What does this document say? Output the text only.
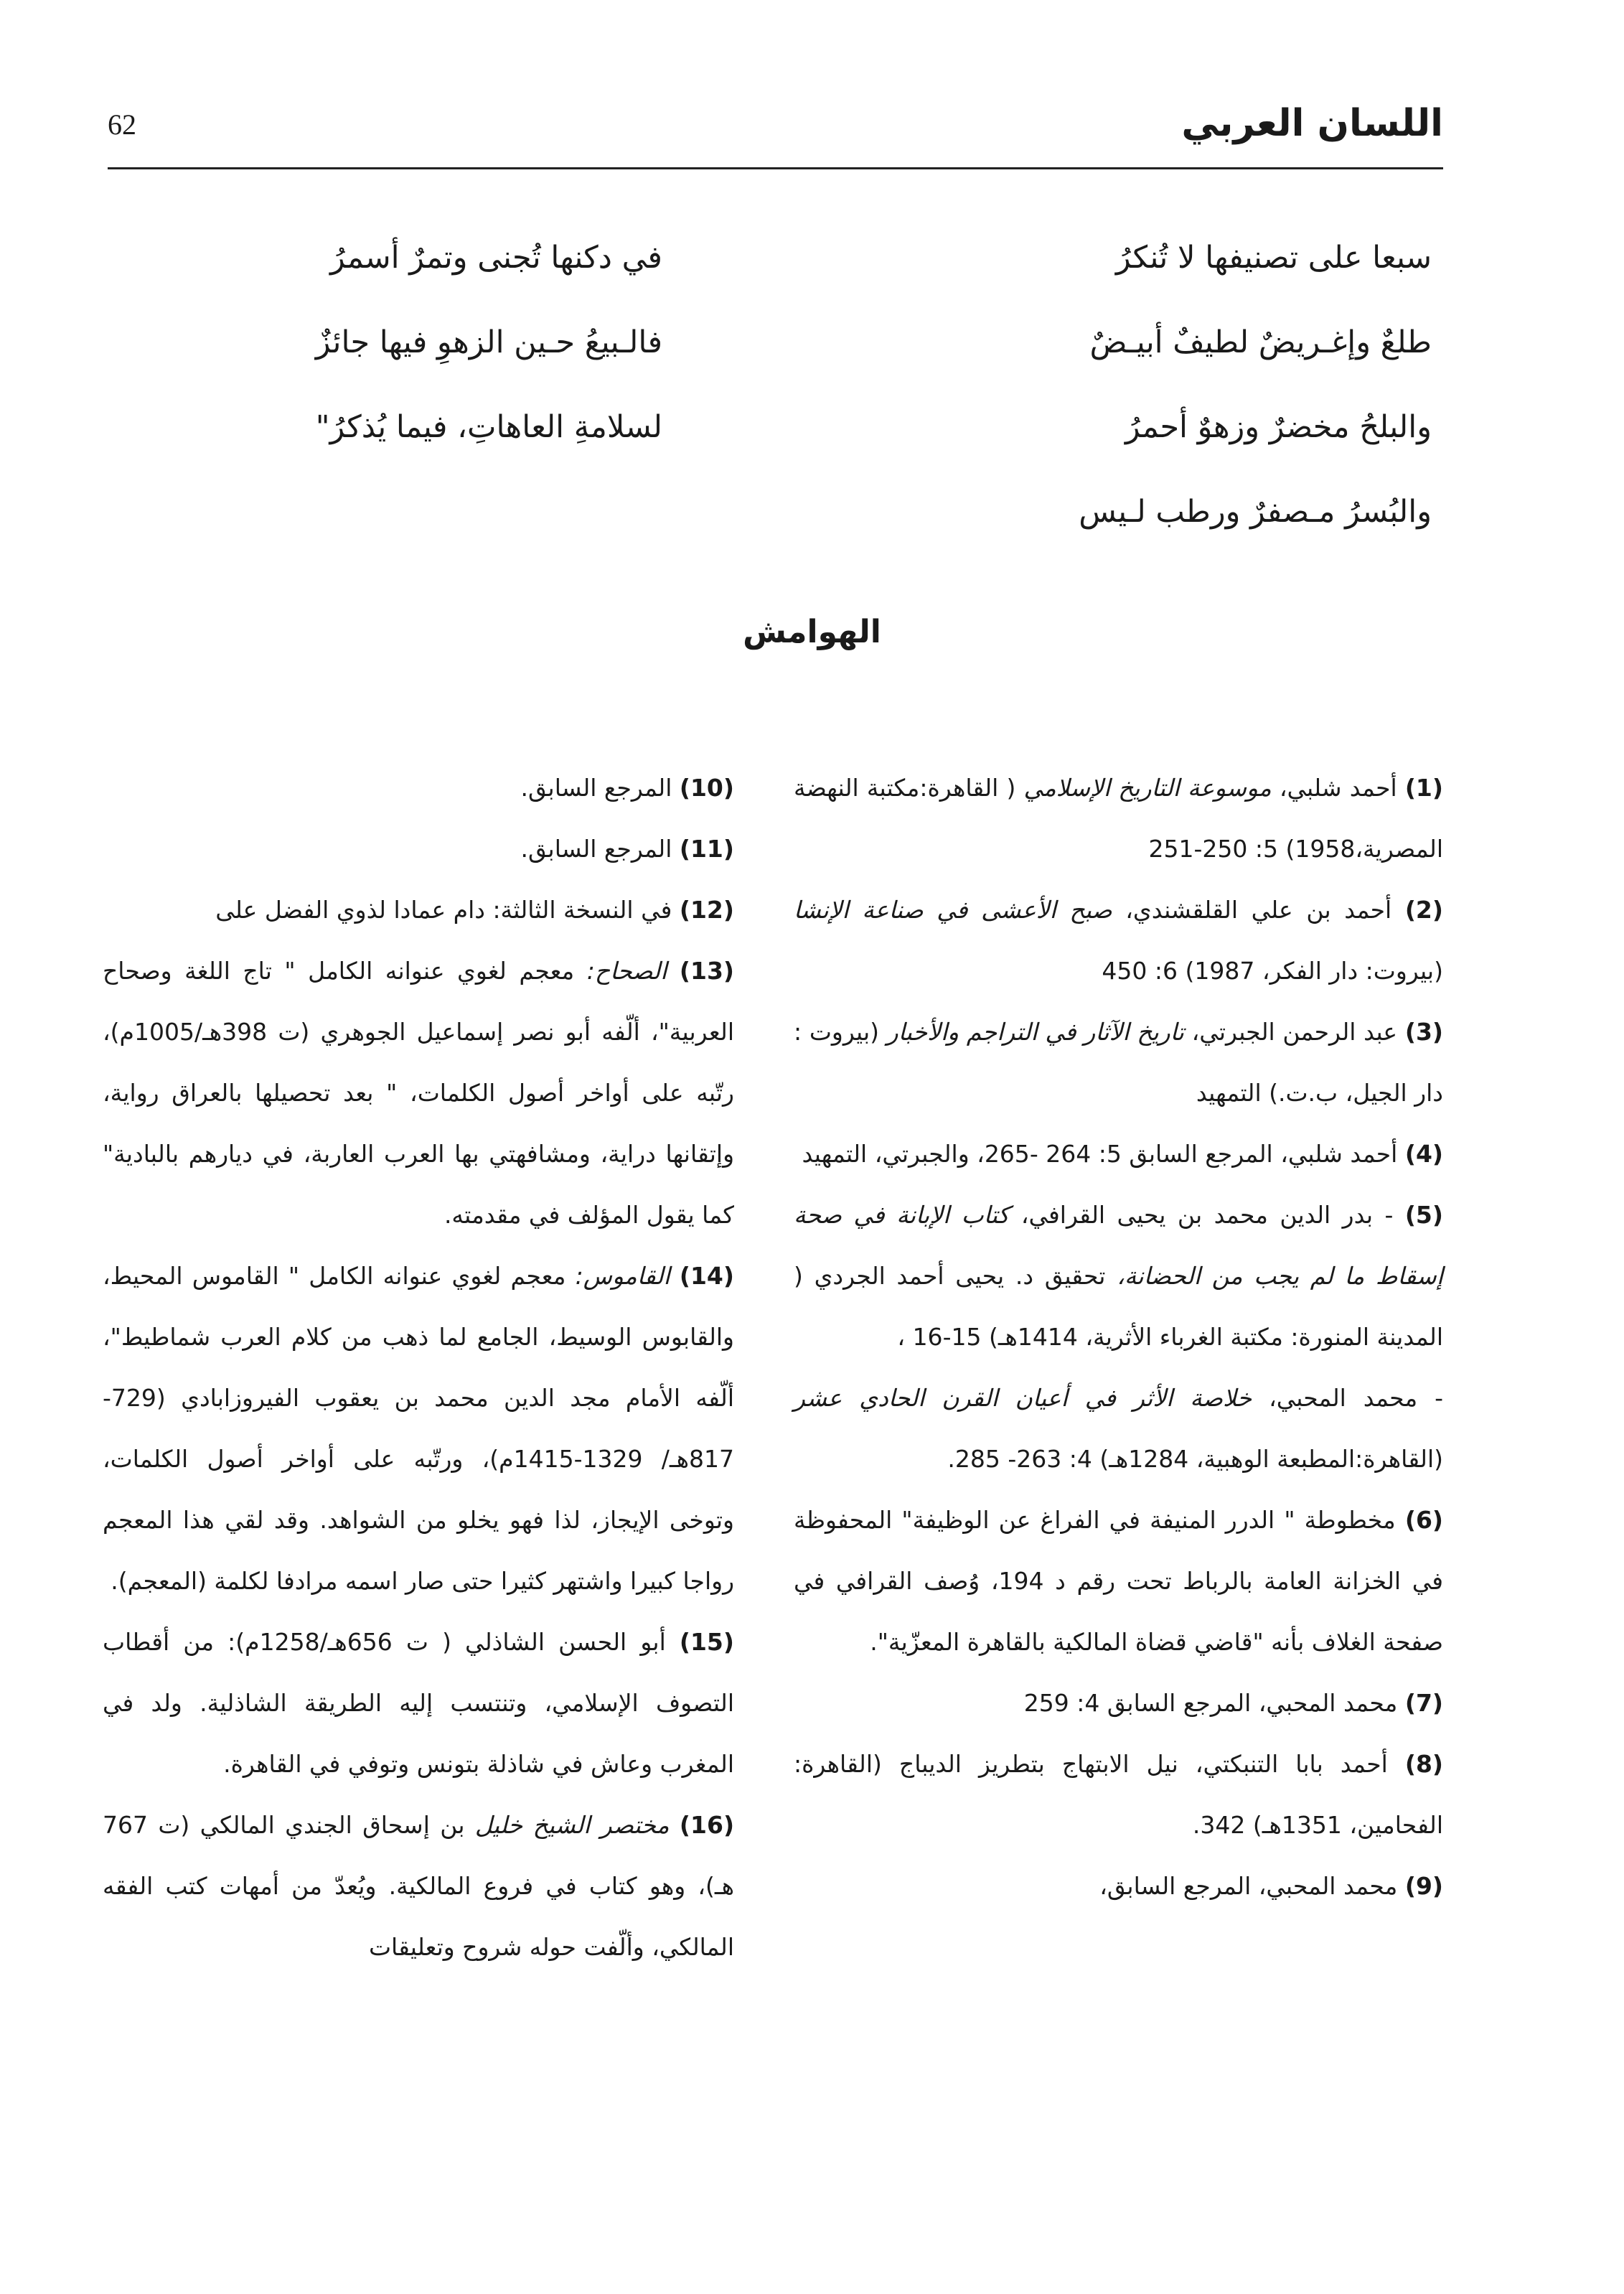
62	اللسان العربي
سبعا على تصنيفها لا تُنكرُ
طلعٌ وإغـريضٌ لطيفٌ أبيـضٌ
والبلحُ مخضرٌ وزهوٌ أحمرُ
والبُسرُ مـصفرٌ ورطب لـيس
في دكنها تُجنى وتمرٌ أسمرُ
فالـبيعُ حـين الزهوِ فيها جائزٌ
لسلامةِ العاهاتِ، فيما يُذكرُ"
الهوامش

(1) أحمد شلبي، موسوعة التاريخ الإسلامي ( القاهرة:مكتبة النهضة المصرية،1958) 5: 250-251

(2) أحمد بن علي القلقشندي، صبح الأعشى في صناعة الإنشا (بيروت: دار الفكر، 1987) 6: 450

(3) عبد الرحمن الجبرتي، تاريخ الآثار في التراجم والأخبار (بيروت : دار الجيل، ب.ت.) التمهيد

(4) أحمد شلبي، المرجع السابق 5: 264 -265، والجبرتي، التمهيد

(5) - بدر الدين محمد بن يحيى القرافي، كتاب الإبانة في صحة إسقاط ما لم يجب من الحضانة، تحقيق د. يحيى أحمد الجردي ( المدينة المنورة: مكتبة الغرباء الأثرية، 1414هـ) 15-16 ،

- محمد المحبي، خلاصة الأثر في أعيان القرن الحادي عشر (القاهرة:المطبعة الوهبية، 1284هـ) 4: 263- 285.

(6) مخطوطة " الدرر المنيفة في الفراغ عن الوظيفة" المحفوظة في الخزانة العامة بالرباط تحت رقم د 194، وُصف القرافي في صفحة الغلاف بأنه "قاضي قضاة المالكية بالقاهرة المعزّية".

(7) محمد المحبي، المرجع السابق 4: 259

(8) أحمد بابا التنبكتي، نيل الابتهاج بتطريز الديباج (القاهرة: الفحامين، 1351هـ) 342.

(9) محمد المحبي، المرجع السابق،

(10) المرجع السابق.

(11) المرجع السابق.

(12) في النسخة الثالثة: دام عمادا لذوي الفضل على

(13) الصحاح: معجم لغوي عنوانه الكامل " تاج اللغة وصحاح العربية"، ألّفه أبو نصر إسماعيل الجوهري (ت 398هـ/1005م)، رتّبه على أواخر أصول الكلمات، " بعد تحصيلها بالعراق رواية، وإتقانها دراية، ومشافهتي بها العرب العاربة، في ديارهم بالبادية" كما يقول المؤلف في مقدمته.

(14) القاموس: معجم لغوي عنوانه الكامل " القاموس المحيط، والقابوس الوسيط، الجامع لما ذهب من كلام العرب شماطيط"، ألّفه الأمام مجد الدين محمد بن يعقوب الفيروزابادي (729-817هـ/ 1329-1415م)، ورتّبه على أواخر أصول الكلمات، وتوخى الإيجاز، لذا فهو يخلو من الشواهد. وقد لقي هذا المعجم رواجا كبيرا واشتهر كثيرا حتى صار اسمه مرادفا لكلمة (المعجم).

(15) أبو الحسن الشاذلي ( ت 656هـ/1258م): من أقطاب التصوف الإسلامي، وتنتسب إليه الطريقة الشاذلية. ولد في المغرب وعاش في شاذلة بتونس وتوفي في القاهرة.

(16) مختصر الشيخ خليل بن إسحاق الجندي المالكي (ت 767 هـ)، وهو كتاب في فروع المالكية. ويُعدّ من أمهات كتب الفقه المالكي، وألّفت حوله شروح وتعليقات
